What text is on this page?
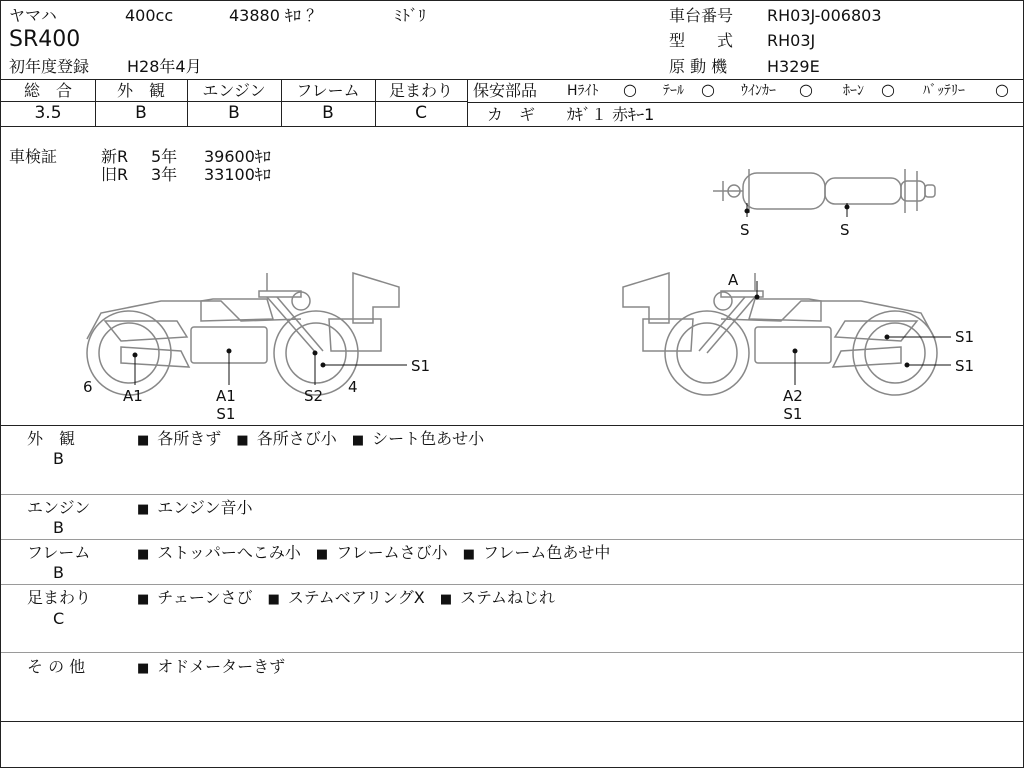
ヤマハ	400cc	43880 ｷﾛ ？	ﾐﾄﾞﾘ
SR400
初年度登録 H28年4月
車台番号 RH03J-006803
型　　式 RH03J
原 動 機 H329E
総　合	外　観	エンジン	フレーム	足まわり
3.5	B	B	B	C
保安部品 Hﾗｲﾄ ○ ﾃｰﾙ ○ ｳｲﾝｶｰ ○ ﾎｰﾝ ○ ﾊﾞｯﾃﾘｰ ○
カ　ギ ｶｷﾞ１ 赤ｷｰ1
車検証	新R 5年 39600ｷﾛ
旧R 3年 33100ｷﾛ
S	S
6 A1	A1
S1
S2 4
S1
A
A2
S1
S1
S1
外　観
B
■ 各所きず ■ 各所さび小 ■ シート色あせ小
エンジン
B
■ エンジン音小
フレーム
B
■ ストッパーへこみ小 ■ フレームさび小 ■ フレーム色あせ中
足まわり
C
■ チェーンさび ■ ステムベアリングX ■ ステムねじれ
そ の 他	■ オドメーターきず
